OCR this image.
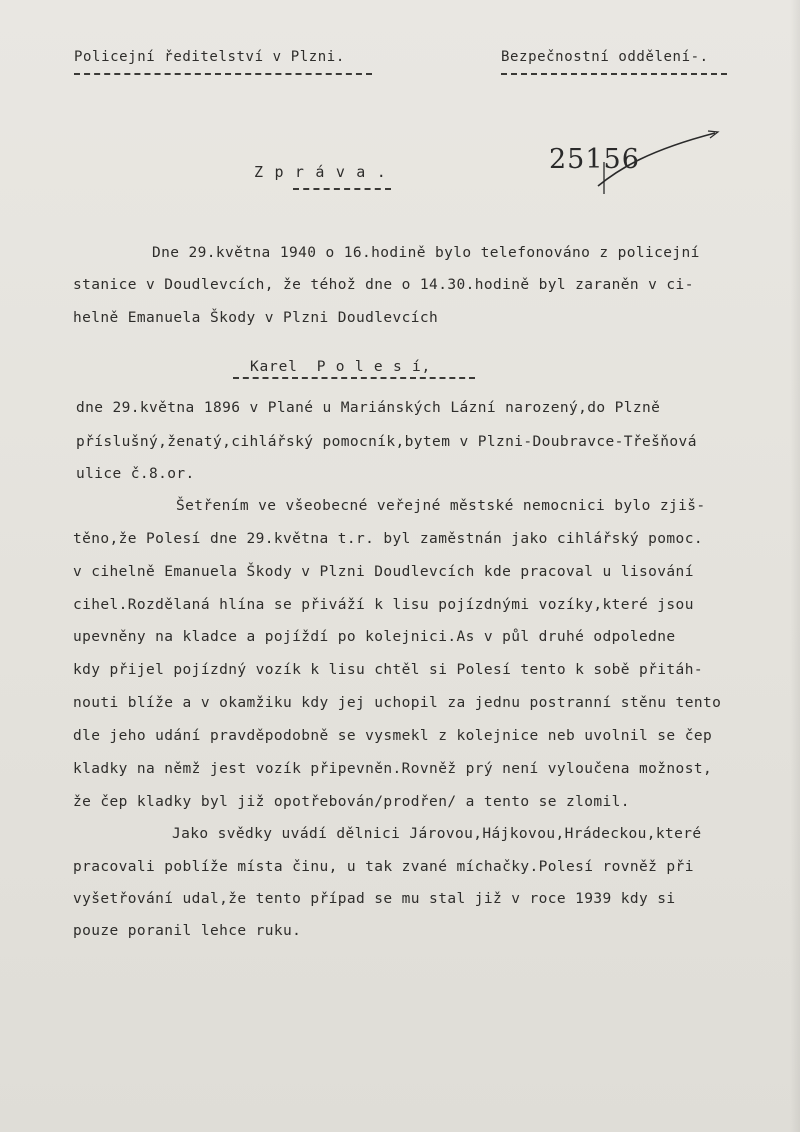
Policejní ředitelství v Plzni.	Bezpečnostní oddělení-.
25156
Z p r á v a .
Dne 29.května 1940 o 16.hodině bylo telefonováno z policejní
stanice v Doudlevcích, že téhož dne o 14.30.hodině byl zaraněn v ci-
helně Emanuela Škody v Plzni Doudlevcích
Karel  P o l e s í,
dne 29.května 1896 v Plané u Mariánských Lázní narozený,do Plzně
příslušný,ženatý,cihlářský pomocník,bytem v Plzni-Doubravce-Třešňová
ulice č.8.or.
Šetřením ve všeobecné veřejné městské nemocnici bylo zjiš-
těno,že Polesí dne 29.května t.r. byl zaměstnán jako cihlářský pomoc.
v cihelně Emanuela Škody v Plzni Doudlevcích kde pracoval u lisování
cihel.Rozdělaná hlína se přiváží k lisu pojízdnými vozíky,které jsou
upevněny na kladce a pojíždí po kolejnici.As v půl druhé odpoledne
kdy přijel pojízdný vozík k lisu chtěl si Polesí tento k sobě přitáh-
nouti blíže a v okamžiku kdy jej uchopil za jednu postranní stěnu tento
dle jeho udání pravděpodobně se vysmekl z kolejnice neb uvolnil se čep
kladky na němž jest vozík připevněn.Rovněž prý není vyloučena možnost,
že čep kladky byl již opotřebován/prodřen/ a tento se zlomil.
Jako svědky uvádí dělnici Járovou,Hájkovou,Hrádeckou,které
pracovali poblíže místa činu, u tak zvané míchačky.Polesí rovněž při
vyšetřování udal,že tento případ se mu stal již v roce 1939 kdy si
pouze poranil lehce ruku.
